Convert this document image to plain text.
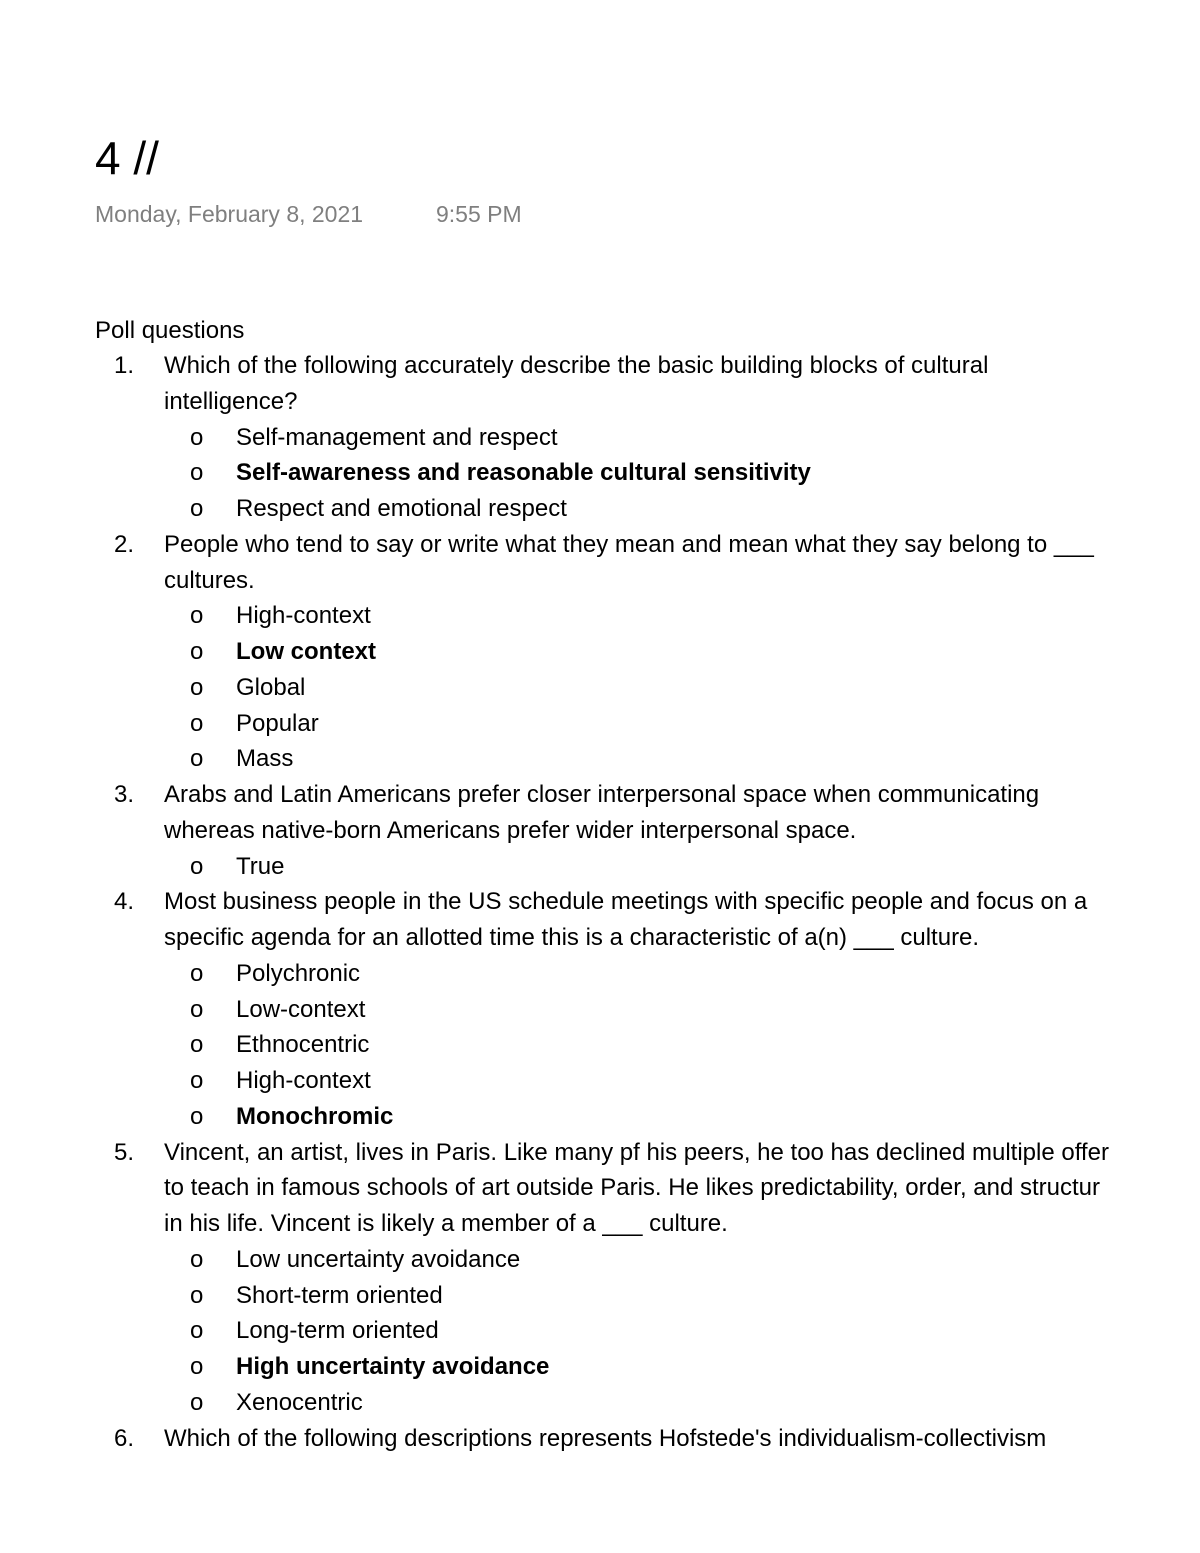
4 //
Monday, February 8, 2021	9:55 PM
Poll questions
1. Which of the following accurately describe the basic building blocks of cultural
intelligence?
o Self-management and respect
o Self-awareness and reasonable cultural sensitivity
o Respect and emotional respect
2. People who tend to say or write what they mean and mean what they say belong to ___
cultures.
o High-context
o Low context
o Global
o Popular
o Mass
3. Arabs and Latin Americans prefer closer interpersonal space when communicating
whereas native-born Americans prefer wider interpersonal space.
o True
4. Most business people in the US schedule meetings with specific people and focus on a
specific agenda for an allotted time this is a characteristic of a(n) ___ culture.
o Polychronic
o Low-context
o Ethnocentric
o High-context
o Monochromic
5. Vincent, an artist, lives in Paris. Like many pf his peers, he too has declined multiple offer
to teach in famous schools of art outside Paris. He likes predictability, order, and structur
in his life. Vincent is likely a member of a ___ culture.
o Low uncertainty avoidance
o Short-term oriented
o Long-term oriented
o High uncertainty avoidance
o Xenocentric
6. Which of the following descriptions represents Hofstede's individualism-collectivism
